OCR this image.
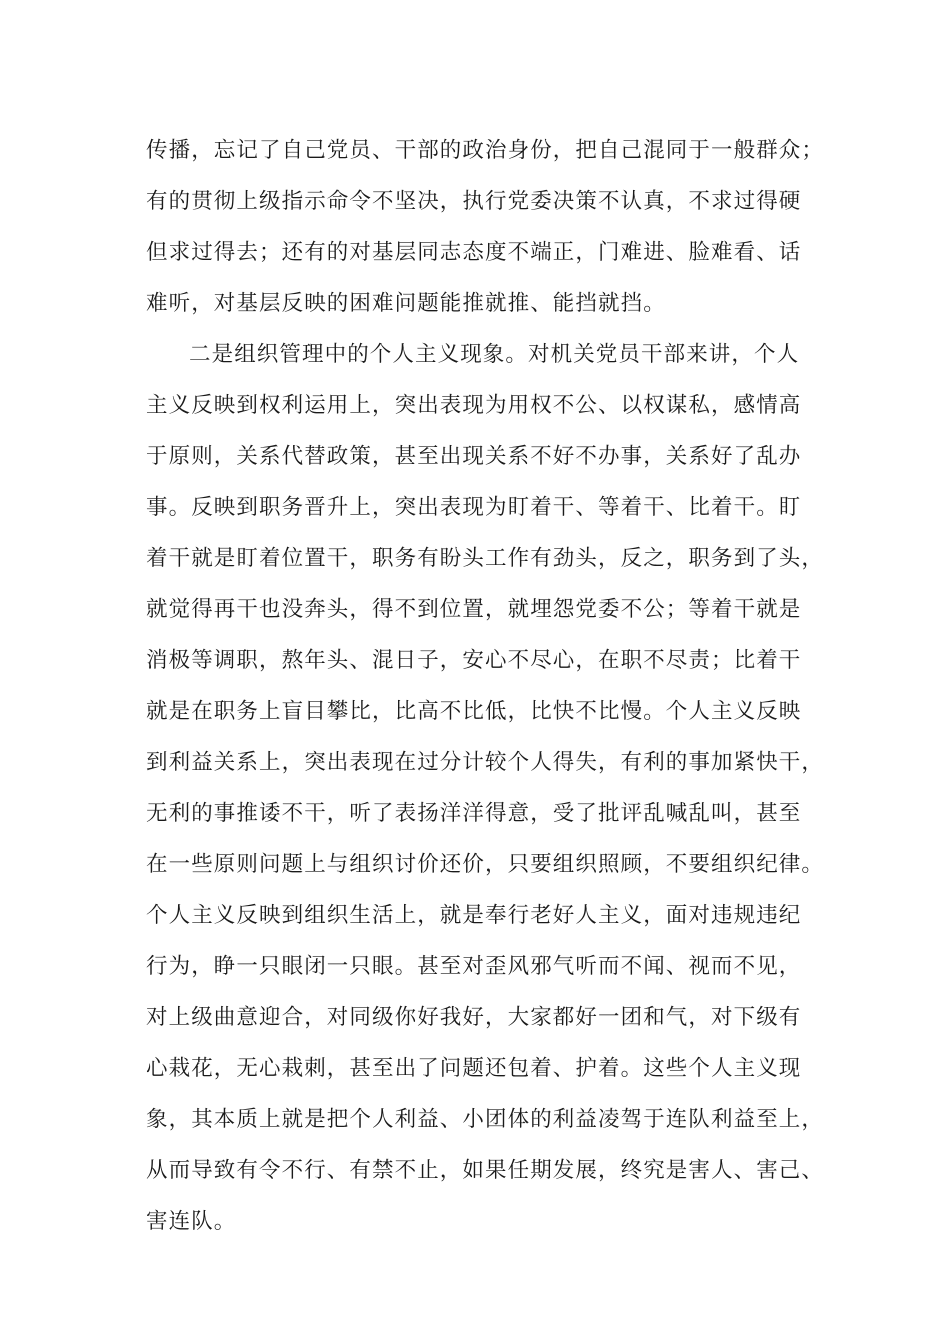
传播，忘记了自己党员、干部的政治身份，把自己混同于一般群众；
有的贯彻上级指示命令不坚决，执行党委决策不认真，不求过得硬
但求过得去；还有的对基层同志态度不端正，门难进、脸难看、话
难听，对基层反映的困难问题能推就推、能挡就挡。
二是组织管理中的个人主义现象。对机关党员干部来讲，个人
主义反映到权利运用上，突出表现为用权不公、以权谋私，感情高
于原则，关系代替政策，甚至出现关系不好不办事，关系好了乱办
事。反映到职务晋升上，突出表现为盯着干、等着干、比着干。盯
着干就是盯着位置干，职务有盼头工作有劲头，反之，职务到了头，
就觉得再干也没奔头，得不到位置，就埋怨党委不公；等着干就是
消极等调职，熬年头、混日子，安心不尽心，在职不尽责；比着干
就是在职务上盲目攀比，比高不比低，比快不比慢。个人主义反映
到利益关系上，突出表现在过分计较个人得失，有利的事加紧快干，
无利的事推诿不干，听了表扬洋洋得意，受了批评乱喊乱叫，甚至
在一些原则问题上与组织讨价还价，只要组织照顾，不要组织纪律。
个人主义反映到组织生活上，就是奉行老好人主义，面对违规违纪
行为，睁一只眼闭一只眼。甚至对歪风邪气听而不闻、视而不见，
对上级曲意迎合，对同级你好我好，大家都好一团和气，对下级有
心栽花，无心栽刺，甚至出了问题还包着、护着。这些个人主义现
象，其本质上就是把个人利益、小团体的利益凌驾于连队利益至上，
从而导致有令不行、有禁不止，如果任期发展，终究是害人、害己、
害连队。
